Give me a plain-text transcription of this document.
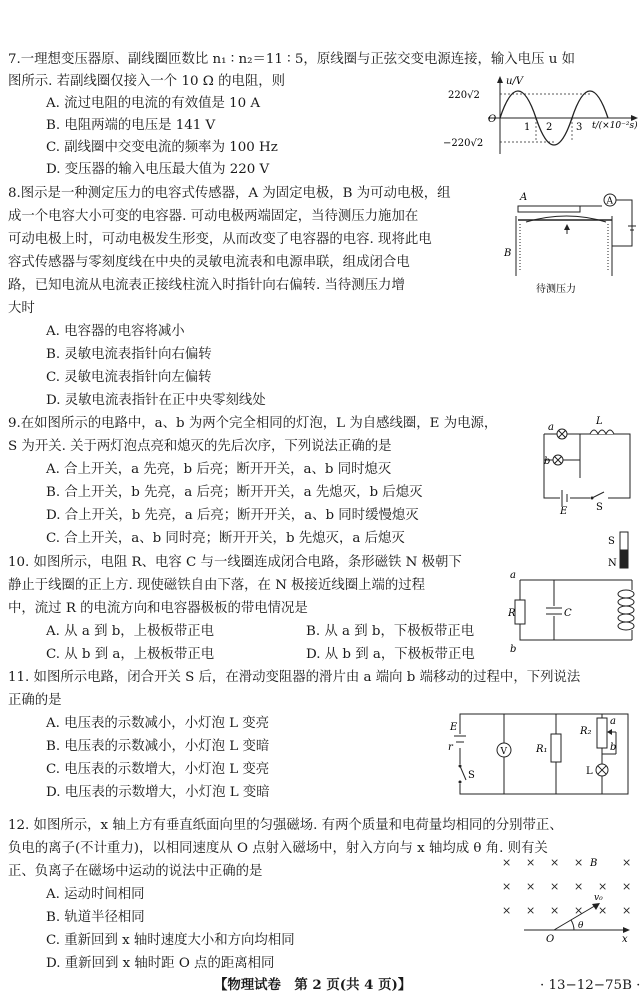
7.一理想变压器原、副线圈匝数比 n₁ ∶ n₂＝11 ∶ 5，原线圈与正弦交变电源连接，输入电压 u 如
图所示. 若副线圈仅接入一个 10 Ω 的电阻，则
A. 流过电阻的电流的有效值是 10 A
B. 电阻两端的电压是 141 V
C. 副线圈中交变电流的频率为 100 Hz
D. 变压器的输入电压最大值为 220 V
u/V
220√2
−220√2
O
1 2 3 t/(×10⁻²s)
8.图示是一种测定压力的电容式传感器，A 为固定电极，B 为可动电极，组
成一个电容大小可变的电容器. 可动电极两端固定，当待测压力施加在
可动电极上时，可动电极发生形变，从而改变了电容器的电容. 现将此电
容式传感器与零刻度线在中央的灵敏电流表和电源串联，组成闭合电
路，已知电流从电流表正接线柱流入时指针向右偏转. 当待测压力增
大时
A. 电容器的电容将减小
B. 灵敏电流表指针向右偏转
C. 灵敏电流表指针向左偏转
D. 灵敏电流表指针在正中央零刻线处
A
A
B
待测压力
9.在如图所示的电路中，a、b 为两个完全相同的灯泡，L 为自感线圈，E 为电源，
S 为开关. 关于两灯泡点亮和熄灭的先后次序，下列说法正确的是
A. 合上开关，a 先亮，b 后亮；断开开关，a、b 同时熄灭
B. 合上开关，b 先亮，a 后亮；断开开关，a 先熄灭，b 后熄灭
D. 合上开关，b 先亮，a 后亮；断开开关，a、b 同时缓慢熄灭
C. 合上开关，a、b 同时亮；断开开关，b 先熄灭，a 后熄灭
a
b
L
E	S
10. 如图所示，电阻 R、电容 C 与一线圈连成闭合电路，条形磁铁 N 极朝下
静止于线圈的正上方. 现使磁铁自由下落，在 N 极接近线圈上端的过程
中，流过 R 的电流方向和电容器极板的带电情况是
A. 从 a 到 b，上极板带正电	B. 从 a 到 b，下极板带正电
C. 从 b 到 a，上极板带正电	D. 从 b 到 a，下极板带正电
S
N
a
b
R	C
11. 如图所示电路，闭合开关 S 后，在滑动变阻器的滑片由 a 端向 b 端移动的过程中，下列说法
正确的是
A. 电压表的示数减小，小灯泡 L 变亮
B. 电压表的示数减小，小灯泡 L 变暗
C. 电压表的示数增大，小灯泡 L 变亮
D. 电压表的示数增大，小灯泡 L 变暗
V
E
r
S
R₁
R₂
a
b
L
12. 如图所示，x 轴上方有垂直纸面向里的匀强磁场. 有两个质量和电荷量均相同的分别带正、
负电的离子(不计重力)，以相同速度从 O 点射入磁场中，射入方向与 x 轴均成 θ 角. 则有关
正、负离子在磁场中运动的说法中正确的是
A. 运动时间相同
B. 轨道半径相同
C. 重新回到 x 轴时速度大小和方向均相同
D. 重新回到 x 轴时距 O 点的距离相同
× × × ×	×
× × × × × ×
× × × × × ×
B
v₀
θ
O	x
【物理试卷　第 2 页(共 4 页)】	· 13−12−75B ·
